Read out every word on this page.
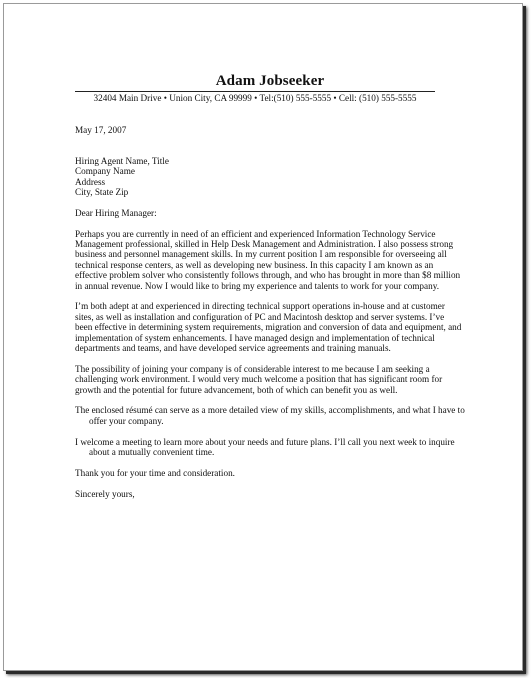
Adam Jobseeker
32404 Main Drive • Union City, CA 99999 • Tel:(510) 555-5555 • Cell: (510) 555-5555
May 17, 2007
Hiring Agent Name, Title
Company Name
Address
City, State Zip
Dear Hiring Manager:
Perhaps you are currently in need of an efficient and experienced Information Technology Service
Management professional, skilled in Help Desk Management and Administration. I also possess strong
business and personnel management skills. In my current position I am responsible for overseeing all
technical response centers, as well as developing new business. In this capacity I am known as an
effective problem solver who consistently follows through, and who has brought in more than $8 million
in annual revenue. Now I would like to bring my experience and talents to work for your company.
I’m both adept at and experienced in directing technical support operations in-house and at customer
sites, as well as installation and configuration of PC and Macintosh desktop and server systems. I’ve
been effective in determining system requirements, migration and conversion of data and equipment, and
implementation of system enhancements. I have managed design and implementation of technical
departments and teams, and have developed service agreements and training manuals.
The possibility of joining your company is of considerable interest to me because I am seeking a
challenging work environment. I would very much welcome a position that has significant room for
growth and the potential for future advancement, both of which can benefit you as well.
The enclosed résumé can serve as a more detailed view of my skills, accomplishments, and what I have to
offer your company.
I welcome a meeting to learn more about your needs and future plans. I’ll call you next week to inquire
about a mutually convenient time.
Thank you for your time and consideration.
Sincerely yours,
